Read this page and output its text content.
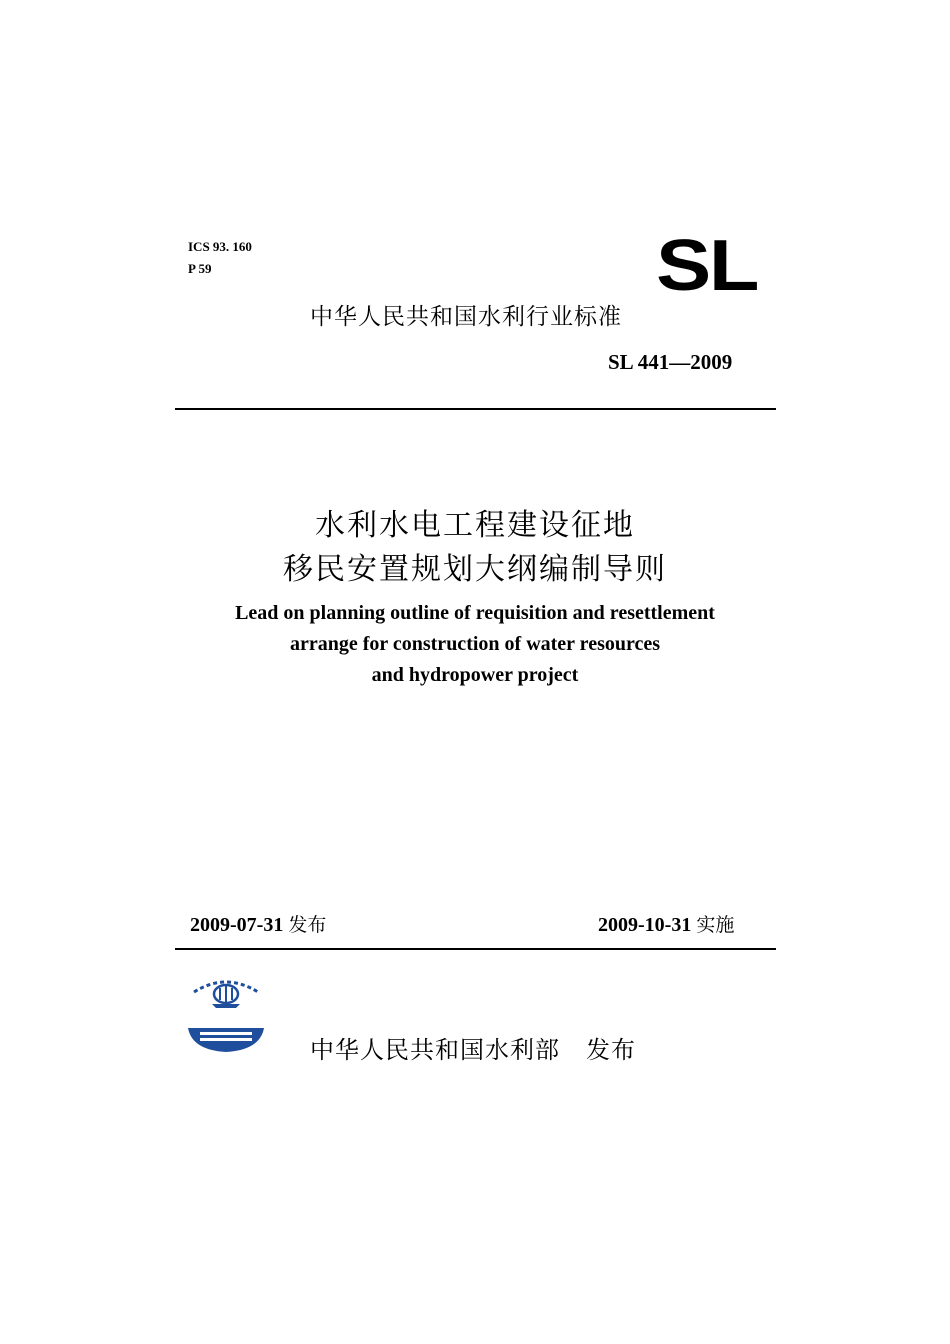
ICS 93. 160
P 59	SL
中华人民共和国水利行业标准
SL 441—2009
水利水电工程建设征地
移民安置规划大纲编制导则
Lead on planning outline of requisition and resettlement
arrange for construction of water resources
and hydropower project
2009-07-31 发布	2009-10-31 实施
中华人民共和国水利部 发布
